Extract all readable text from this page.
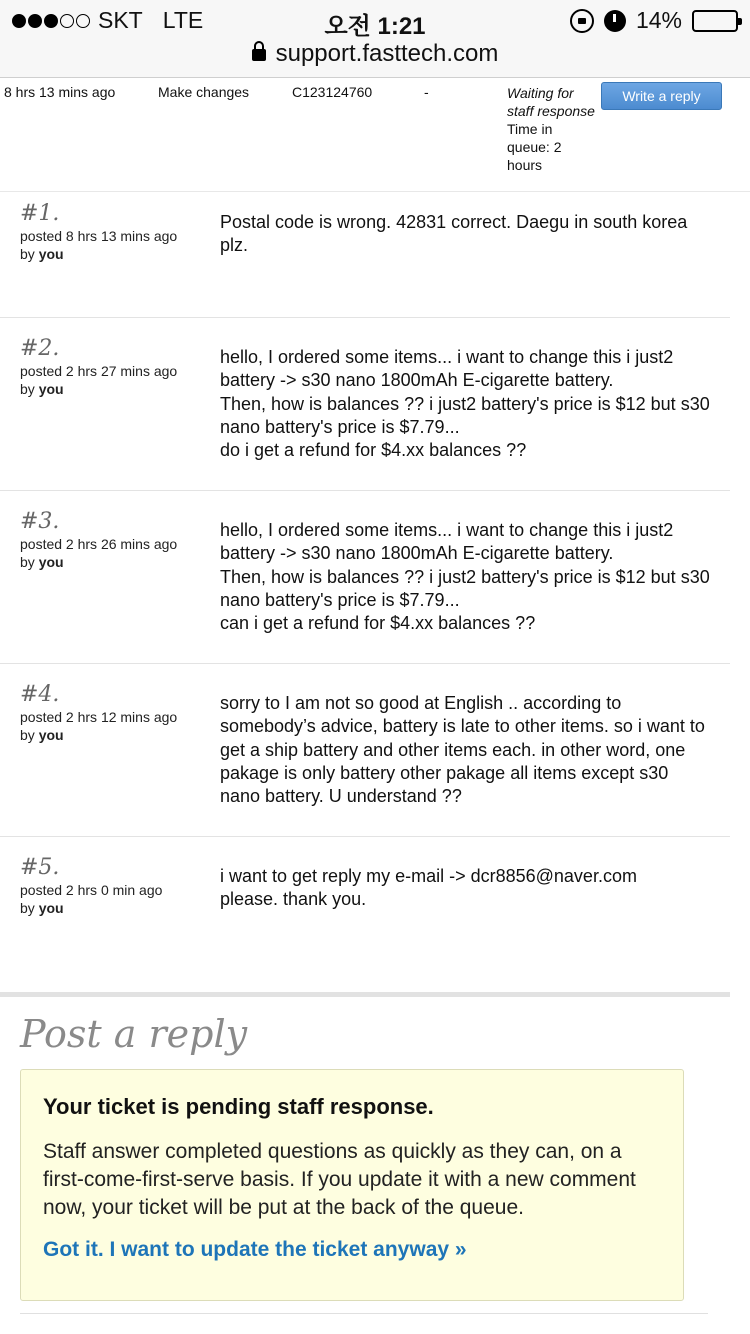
SKT LTE	오전 1:21	14%
support.fasttech.com
8 hrs 13 mins ago	Make changes	C123124760	-	Waiting for staff response
Time in queue: 2 hours
Write a reply
#1.
posted 8 hrs 13 mins ago
by you
Postal code is wrong. 42831 correct. Daegu in south korea plz.
#2.
posted 2 hrs 27 mins ago
by you
hello, I ordered some items... i want to change this i just2 battery -> s30 nano 1800mAh E-cigarette battery.
Then, how is balances ?? i just2 battery's price is $12 but s30 nano battery's price is $7.79...
do i get a refund for $4.xx balances ??
#3.
posted 2 hrs 26 mins ago
by you
hello, I ordered some items... i want to change this i just2 battery -> s30 nano 1800mAh E-cigarette battery.
Then, how is balances ?? i just2 battery's price is $12 but s30 nano battery's price is $7.79...
can i get a refund for $4.xx balances ??
#4.
posted 2 hrs 12 mins ago
by you
sorry to I am not so good at English .. according to somebody’s advice, battery is late to other items. so i want to get a ship battery and other items each. in other word, one pakage is only battery other pakage all items except s30 nano battery. U understand ??
#5.
posted 2 hrs 0 min ago
by you
i want to get reply my e-mail -> dcr8856@naver.com
please. thank you.
Post a reply
Your ticket is pending staff response.
Staff answer completed questions as quickly as they can, on a first-come-first-serve basis. If you update it with a new comment now, your ticket will be put at the back of the queue.
Got it. I want to update the ticket anyway »
